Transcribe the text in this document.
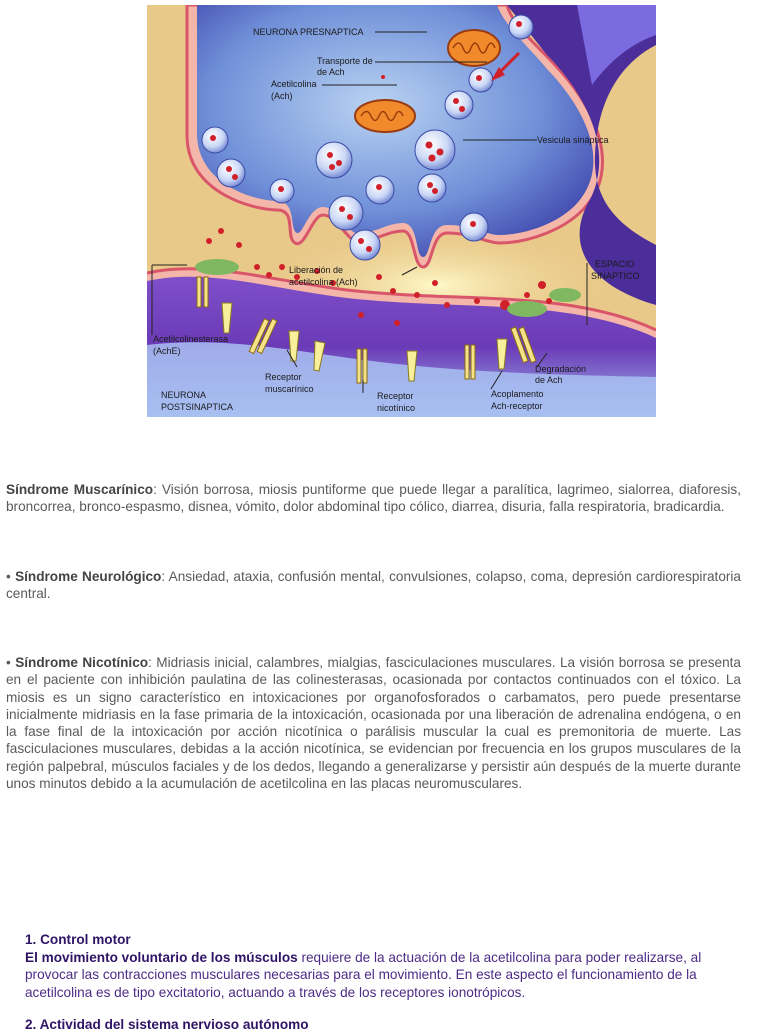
NEURONA PRESNAPTICA
Transporte de
de Ach
Acetilcolina
(Ach)
Vesicula sináptica
ESPACIO
SINAPTICO
Liberación de
acetilcolina (Ach)
Acetilcolinesterasa
(AchE)
Receptor
muscarínico
Degradación
de Ach
NEURONA
POSTSINAPTICA
Receptor
nicotínico
Acoplamento
Ach-receptor

Síndrome Muscarínico: Visión borrosa, miosis puntiforme que puede llegar a paralítica, lagrimeo, sialorrea, diaforesis, broncorrea, bronco-espasmo, disnea, vómito, dolor abdominal tipo cólico, diarrea, disuria, falla respiratoria, bradicardia.

• Síndrome Neurológico: Ansiedad, ataxia, confusión mental, convulsiones, colapso, coma, depresión cardiorespiratoria central.

• Síndrome Nicotínico: Midriasis inicial, calambres, mialgias, fasciculaciones musculares. La visión borrosa se presenta en el paciente con inhibición paulatina de las colinesterasas, ocasionada por contactos continuados con el tóxico. La miosis es un signo característico en intoxicaciones por organofosforados o carbamatos, pero puede presentarse inicialmente midriasis en la fase primaria de la intoxicación, ocasionada por una liberación de adrenalina endógena, o en la fase final de la intoxicación por acción nicotínica o parálisis muscular la cual es premonitoria de muerte. Las fasciculaciones musculares, debidas a la acción nicotínica, se evidencian por frecuencia en los grupos musculares de la región palpebral, músculos faciales y de los dedos, llegando a generalizarse y persistir aún después de la muerte durante unos minutos debido a la acumulación de acetilcolina en las placas neuromusculares.

1. Control motor
El movimiento voluntario de los músculos requiere de la actuación de la acetilcolina para poder realizarse, al provocar las contracciones musculares necesarias para el movimiento. En este aspecto el funcionamiento de la acetilcolina es de tipo excitatorio, actuando a través de los receptores ionotrópicos.
2. Actividad del sistema nervioso autónomo
